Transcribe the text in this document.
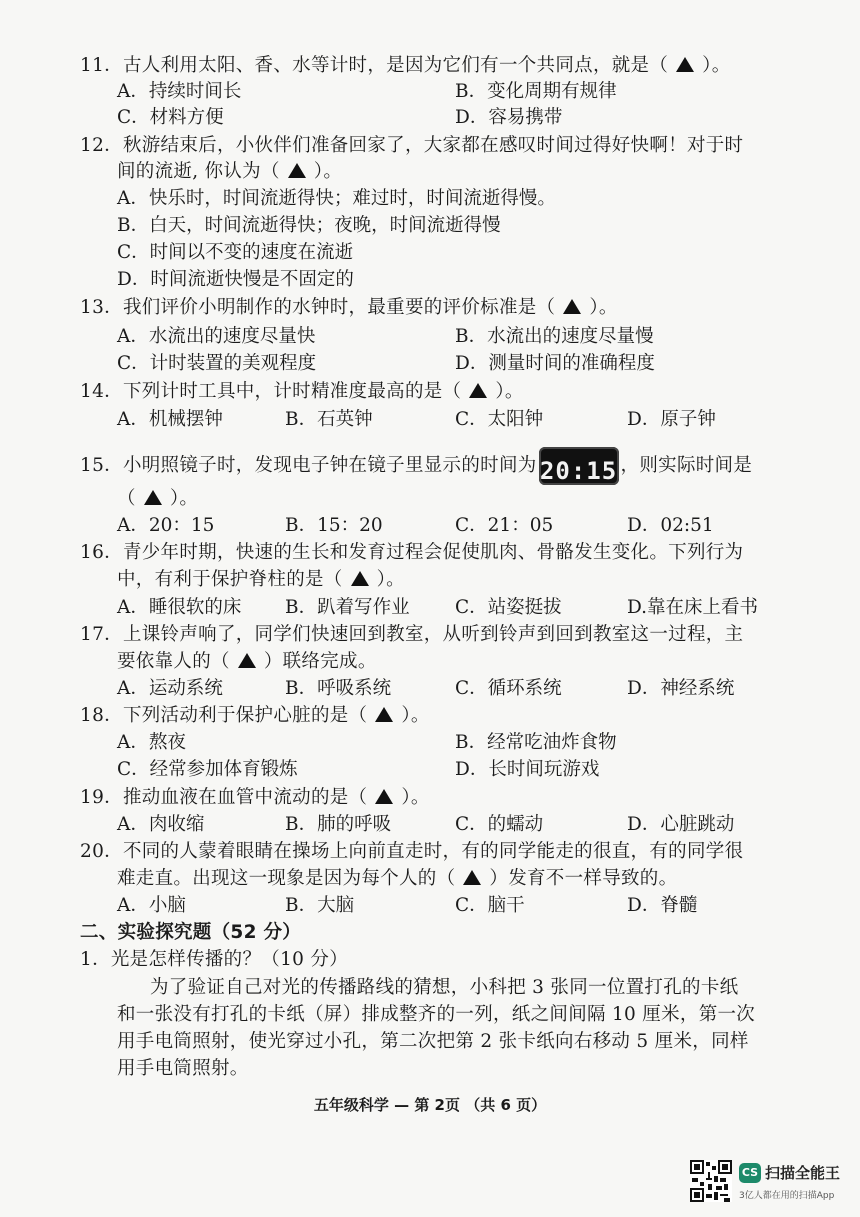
11．古人利用太阳、香、水等计时，是因为它们有一个共同点，就是（ ）。
A．持续时间长	B．变化周期有规律
C．材料方便	D．容易携带
12．秋游结束后，小伙伴们准备回家了，大家都在感叹时间过得好快啊！对于时
间的流逝, 你认为（ ）。
A．快乐时，时间流逝得快；难过时，时间流逝得慢。
B．白天，时间流逝得快；夜晚，时间流逝得慢
C．时间以不变的速度在流逝
D．时间流逝快慢是不固定的
13．我们评价小明制作的水钟时，最重要的评价标准是（ ）。
A．水流出的速度尽量快	B．水流出的速度尽量慢
C．计时装置的美观程度	D．测量时间的准确程度
14．下列计时工具中，计时精准度最高的是（ ）。
A．机械摆钟	B．石英钟	C．太阳钟	D．原子钟
15．小明照镜子时，发现电子钟在镜子里显示的时间为 20:15 ，则实际时间是
（ ）。
A．20：15	B．15：20	C．21：05	D．02:51
16．青少年时期，快速的生长和发育过程会促使肌肉、骨骼发生变化。下列行为
中，有利于保护脊柱的是（ ）。
A．睡很软的床 B．趴着写作业 C．站姿挺拔	D.靠在床上看书
17．上课铃声响了，同学们快速回到教室，从听到铃声到回到教室这一过程，主
要依靠人的（ ）联络完成。
A．运动系统	B．呼吸系统	C．循环系统	D．神经系统
18．下列活动利于保护心脏的是（ ）。
A．熬夜	B．经常吃油炸食物
C．经常参加体育锻炼	D．长时间玩游戏
19．推动血液在血管中流动的是（ ）。
A．肉收缩	B．肺的呼吸	C．的蠕动	D．心脏跳动
20．不同的人蒙着眼睛在操场上向前直走时，有的同学能走的很直，有的同学很
难走直。出现这一现象是因为每个人的（ ）发育不一样导致的。
A．小脑	B．大脑	C．脑干	D．脊髓
二、实验探究题（52 分）
1．光是怎样传播的？（10 分）
为了验证自己对光的传播路线的猜想，小科把 3 张同一位置打孔的卡纸
和一张没有打孔的卡纸（屏）排成整齐的一列，纸之间间隔 10 厘米，第一次
用手电筒照射，使光穿过小孔，第二次把第 2 张卡纸向右移动 5 厘米，同样
用手电筒照射。
五年级科学 — 第 2页 （共 6 页）
CS 扫描全能王
3亿人都在用的扫描App
